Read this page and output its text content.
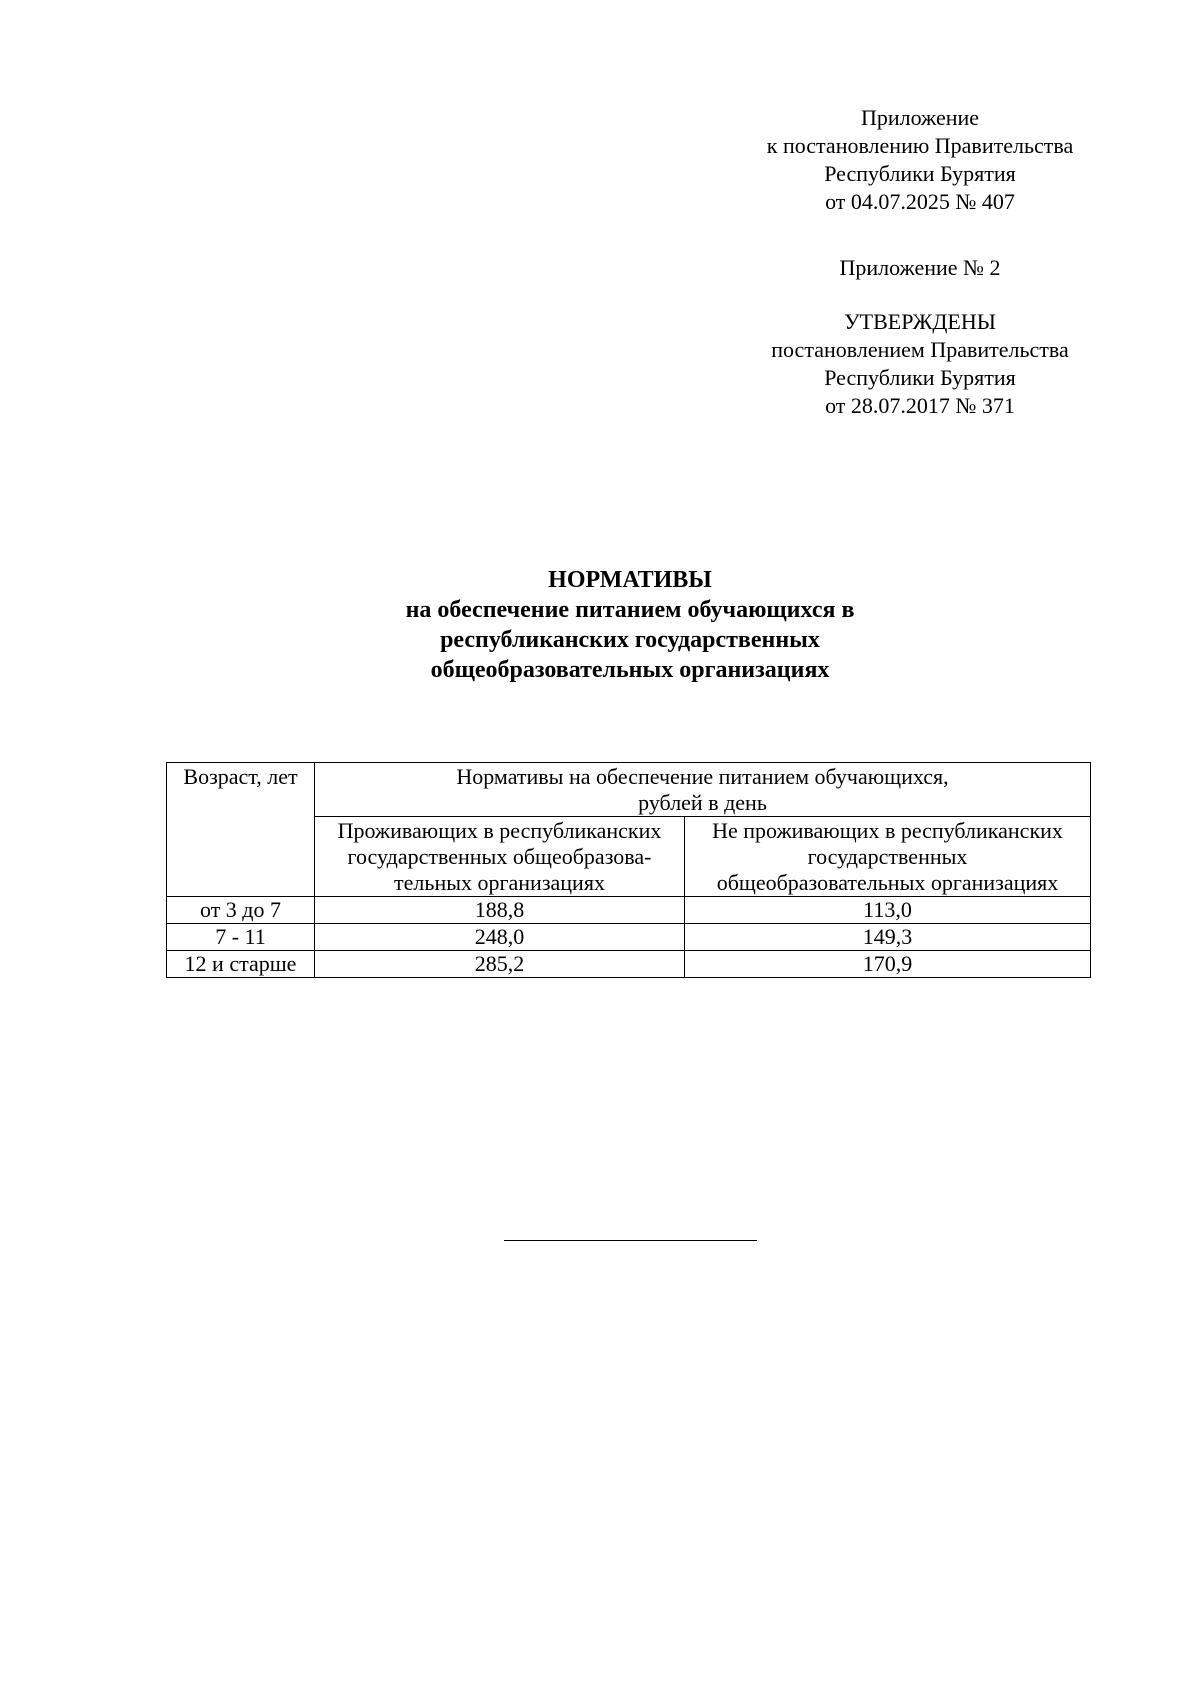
Приложение
к постановлению Правительства
Республики Бурятия
от 04.07.2025 № 407
Приложение № 2
УТВЕРЖДЕНЫ
постановлением Правительства
Республики Бурятия
от 28.07.2017 № 371
НОРМАТИВЫ
на обеспечение питанием обучающихся в
республиканских государственных
общеобразовательных организациях
Возраст, лет	Нормативы на обеспечение питанием обучающихся,
рублей в день	
	Проживающих в республиканских
государственных общеобразова-
тельных организациях	Не проживающих в республиканских
государственных
общеобразовательных организациях
от 3 до 7	188,8	113,0
7 - 11	248,0	149,3
12 и старше	285,2	170,9
